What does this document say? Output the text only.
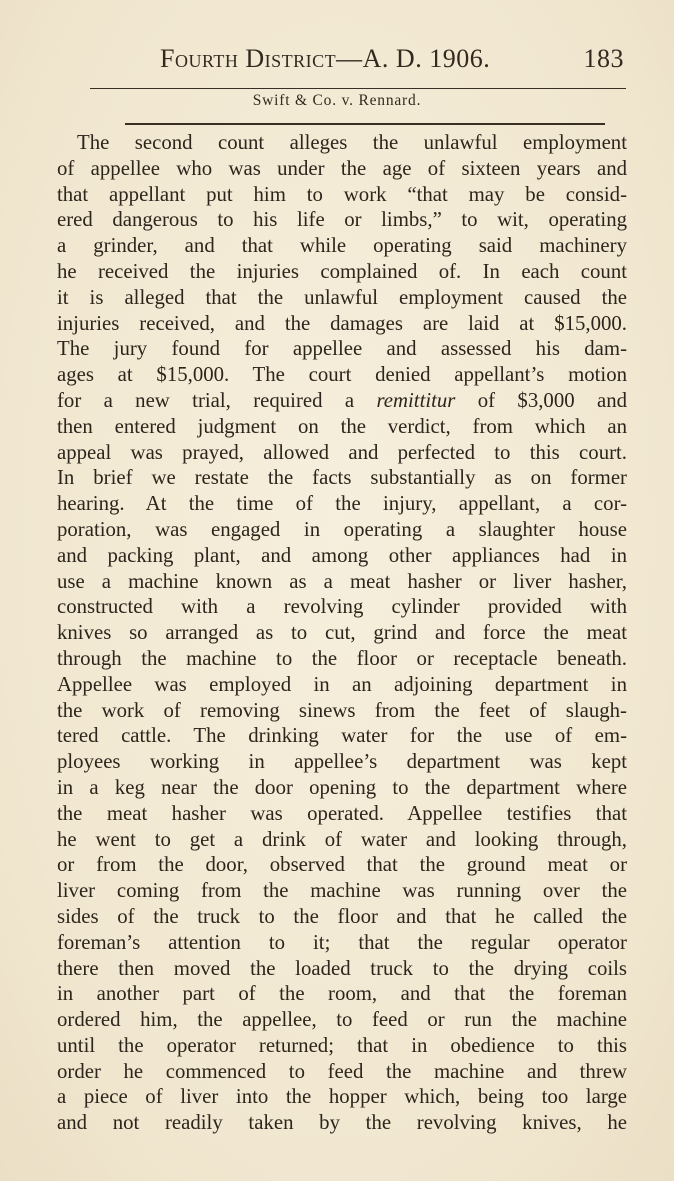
Fourth District—A. D. 1906.	183
Swift & Co. v. Rennard.
The second count alleges the unlawful employment
of appellee who was under the age of sixteen years and
that appellant put him to work “that may be consid-
ered dangerous to his life or limbs,” to wit, operating
a grinder, and that while operating said machinery
he received the injuries complained of. In each count
it is alleged that the unlawful employment caused the
injuries received, and the damages are laid at $15,000.
The jury found for appellee and assessed his dam-
ages at $15,000. The court denied appellant’s motion
for a new trial, required a remittitur of $3,000 and
then entered judgment on the verdict, from which an
appeal was prayed, allowed and perfected to this court.
In brief we restate the facts substantially as on former
hearing. At the time of the injury, appellant, a cor-
poration, was engaged in operating a slaughter house
and packing plant, and among other appliances had in
use a machine known as a meat hasher or liver hasher,
constructed with a revolving cylinder provided with
knives so arranged as to cut, grind and force the meat
through the machine to the floor or receptacle beneath.
Appellee was employed in an adjoining department in
the work of removing sinews from the feet of slaugh-
tered cattle. The drinking water for the use of em-
ployees working in appellee’s department was kept
in a keg near the door opening to the department where
the meat hasher was operated. Appellee testifies that
he went to get a drink of water and looking through,
or from the door, observed that the ground meat or
liver coming from the machine was running over the
sides of the truck to the floor and that he called the
foreman’s attention to it; that the regular operator
there then moved the loaded truck to the drying coils
in another part of the room, and that the foreman
ordered him, the appellee, to feed or run the machine
until the operator returned; that in obedience to this
order he commenced to feed the machine and threw
a piece of liver into the hopper which, being too large
and not readily taken by the revolving knives, he
